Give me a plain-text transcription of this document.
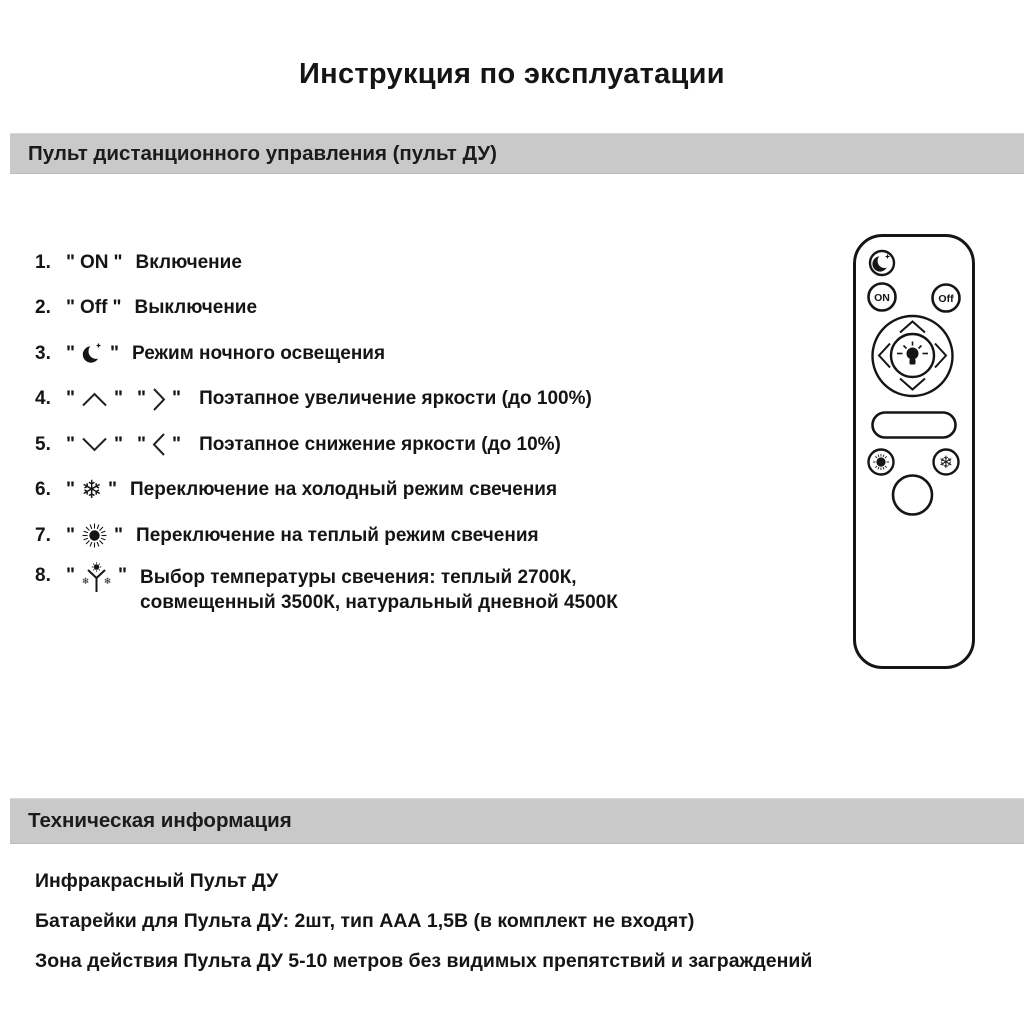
Инструкция по эксплуатации
Пульт дистанционного управления (пульт ДУ)
1. " ON " Включение
2. " Off " Выключение
3. " " Режим ночного освещения
4. " " " " Поэтапное увеличение яркости (до 100%)
5. " " " " Поэтапное снижение яркости (до 10%)
6. " ❄ " Переключение на холодный режим свечения
7. " " Переключение на теплый режим свечения
8. " ❄ ❄ " Выбор температуры свечения: теплый 2700К,
совмещенный 3500К, натуральный дневной 4500К
ON	Off
❄
Техническая информация

Инфракрасный Пульт ДУ

Батарейки для Пульта ДУ: 2шт, тип ААА 1,5В (в комплект не входят)

Зона действия Пульта ДУ 5-10 метров без видимых препятствий и заграждений
